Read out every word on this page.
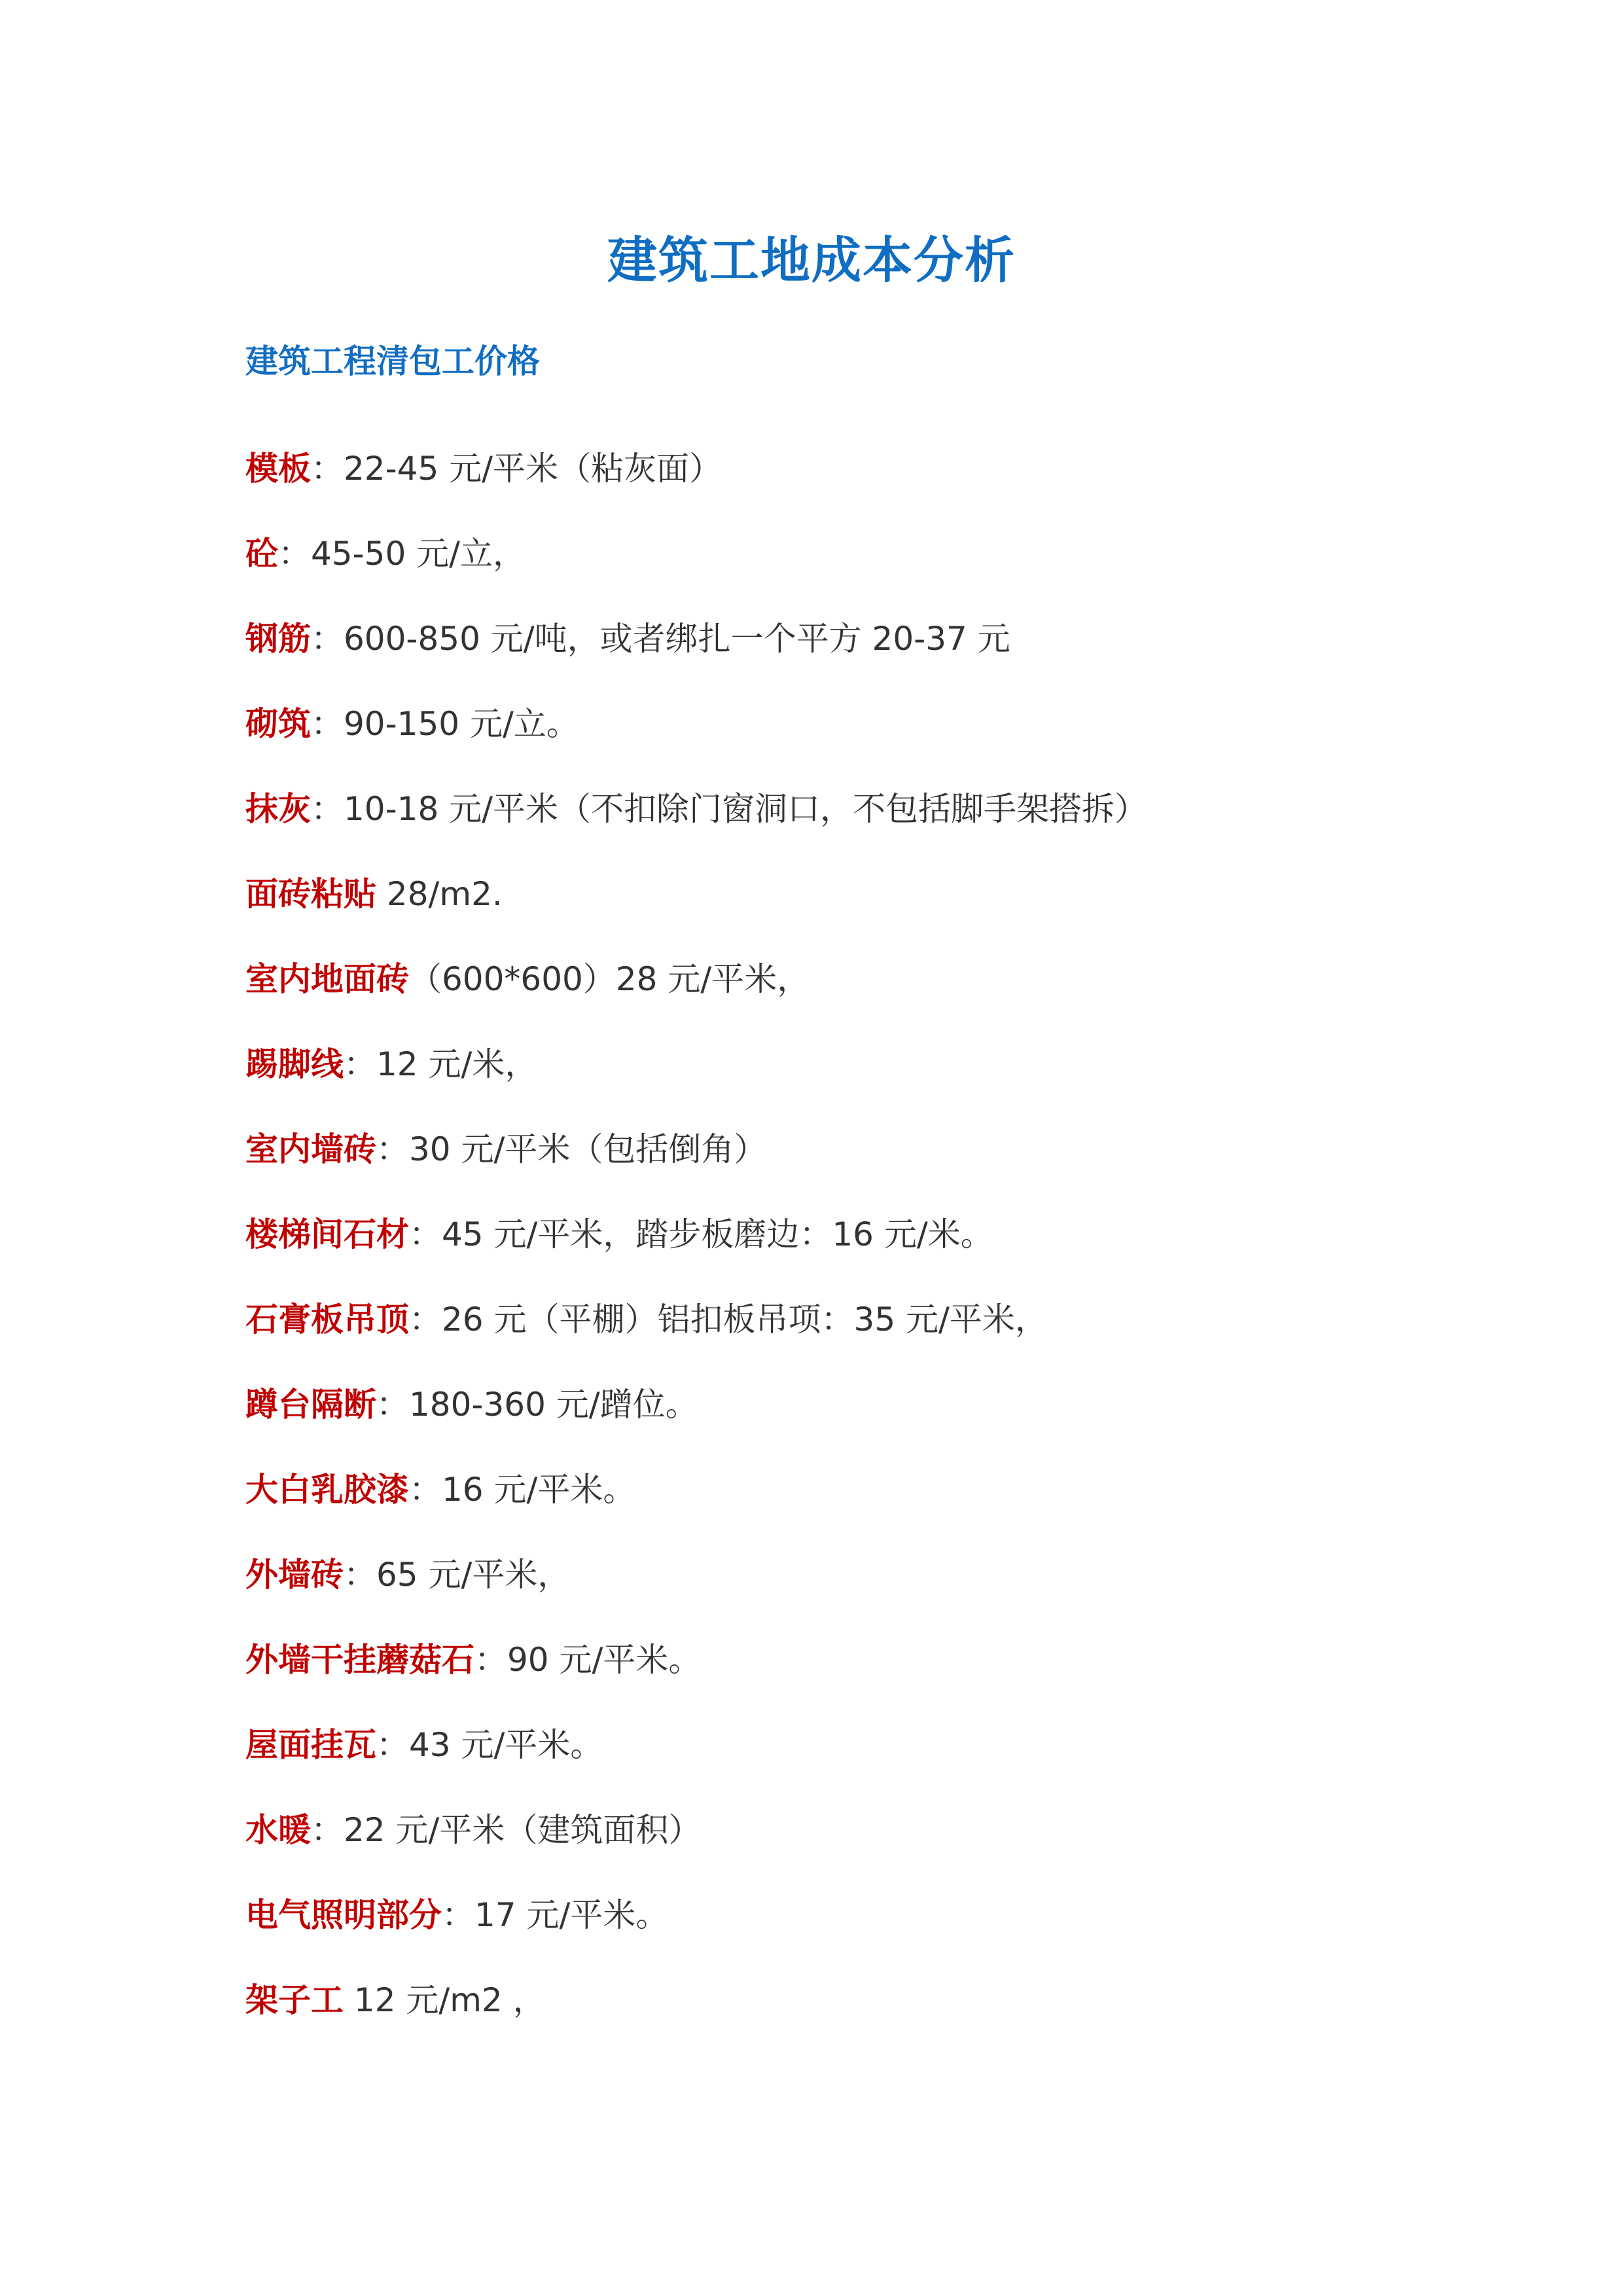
建筑工地成本分析
建筑工程清包工价格
模板：22-45 元/平米（粘灰面）
砼：45-50 元/立，
钢筋：600-850 元/吨，或者绑扎一个平方 20-37 元
砌筑：90-150 元/立。
抹灰：10-18 元/平米（不扣除门窗洞口，不包括脚手架搭拆）
面砖粘贴 28/m2.
室内地面砖（600*600）28 元/平米，
踢脚线：12 元/米，
室内墙砖：30 元/平米（包括倒角）
楼梯间石材：45 元/平米，踏步板磨边：16 元/米。
石膏板吊顶：26 元（平棚）铝扣板吊项：35 元/平米，
蹲台隔断：180-360 元/蹭位。
大白乳胶漆：16 元/平米。
外墙砖：65 元/平米，
外墙干挂蘑菇石：90 元/平米。
屋面挂瓦：43 元/平米。
水暖：22 元/平米（建筑面积）
电气照明部分：17 元/平米。
架子工 12 元/m2 ，
